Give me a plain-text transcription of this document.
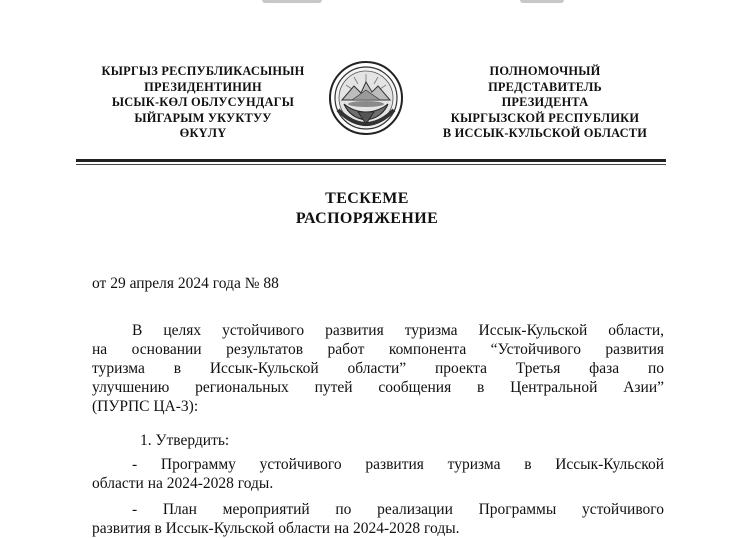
КЫРГЫЗ РЕСПУБЛИКАСЫНЫН
ПРЕЗИДЕНТИНИН
ЫСЫК-КӨЛ ОБЛУСУНДАГЫ
ЫЙГАРЫМ УКУКТУУ
ӨКҮЛҮ
ПОЛНОМОЧНЫЙ
ПРЕДСТАВИТЕЛЬ
ПРЕЗИДЕНТА
КЫРГЫЗСКОЙ РЕСПУБЛИКИ
В ИССЫК-КУЛЬСКОЙ ОБЛАСТИ
ТЕСКЕМЕ
РАСПОРЯЖЕНИЕ
от 29 апреля 2024 года № 88
В целях устойчивого развития туризма Иссык-Кульской области,
на основании результатов работ компонента “Устойчивого развития
туризма в Иссык-Кульской области” проекта Третья фаза по
улучшению региональных путей сообщения в Центральной Азии”
(ПУРПС ЦА-3):
1. Утвердить:
- Программу устойчивого развития туризма в Иссык-Кульской
области на 2024-2028 годы.
- План мероприятий по реализации Программы устойчивого
развития в Иссык-Кульской области на 2024-2028 годы.
